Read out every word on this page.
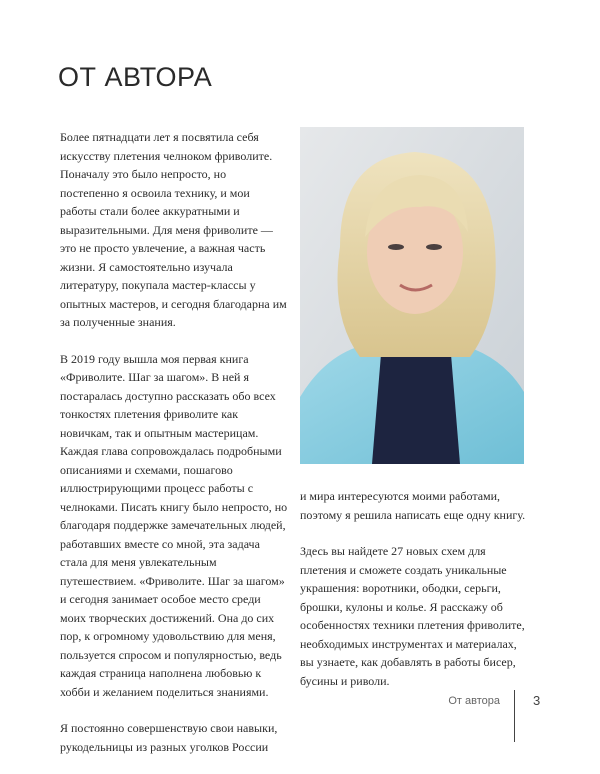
ОТ АВТОРА

Более пятнадцати лет я посвятила себя искусству плетения челноком фриволите. Поначалу это было непросто, но постепенно я освоила технику, и мои работы стали более аккуратными и выразительными. Для меня фриволите — это не просто увлечение, а важная часть жизни. Я самостоятельно изучала литературу, покупала мастер-классы у опытных мастеров, и сегодня благодарна им за полученные знания.

В 2019 году вышла моя первая книга «Фриволите. Шаг за шагом». В ней я постаралась доступно рассказать обо всех тонкостях плетения фриволите как новичкам, так и опытным мастерицам. Каждая глава сопровождалась подробными описаниями и схемами, пошагово иллюстрирующими процесс работы с челноками. Писать книгу было непросто, но благодаря поддержке замечательных людей, работавших вместе со мной, эта задача стала для меня увлекательным путешествием. «Фриволите. Шаг за шагом» и сегодня занимает особое место среди моих творческих достижений. Она до сих пор, к огромному удовольствию для меня, пользуется спросом и популярностью, ведь каждая страница наполнена любовью к хобби и желанием поделиться знаниями.

Я постоянно совершенствую свои навыки, рукодельницы из разных уголков России

и мира интересуются моими работами, поэтому я решила написать еще одну книгу.

Здесь вы найдете 27 новых схем для плетения и сможете создать уникальные украшения: воротники, ободки, серьги, брошки, кулоны и колье. Я расскажу об особенностях техники плетения фриволите, необходимых инструментах и материалах, вы узнаете, как добавлять в работы бисер, бусины и риволи.

От автора	3
